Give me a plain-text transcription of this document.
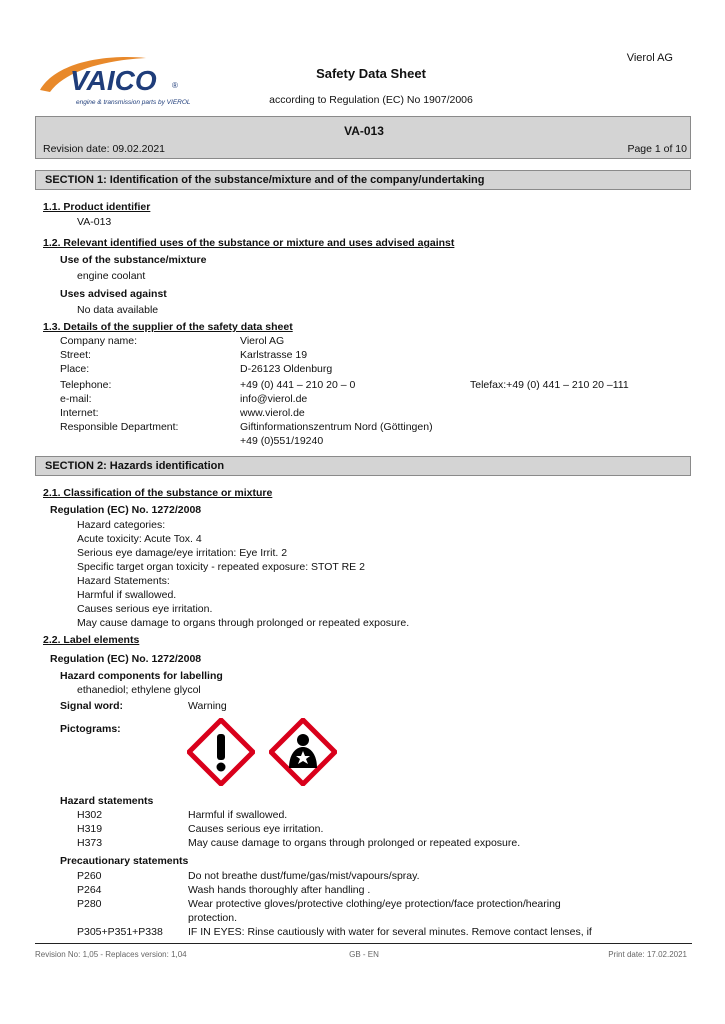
VAICO ®
engine & transmission parts by VIEROL
Vierol AG
Safety Data Sheet
according to Regulation (EC) No 1907/2006
VA-013
Revision date: 09.02.2021	Page 1 of 10
SECTION 1: Identification of the substance/mixture and of the company/undertaking
1.1. Product identifier
VA-013
1.2. Relevant identified uses of the substance or mixture and uses advised against
Use of the substance/mixture
engine coolant
Uses advised against
No data available
1.3. Details of the supplier of the safety data sheet
Company name:	Vierol AG
Street:	Karlstrasse 19
Place:	D-26123 Oldenburg
Telephone:	+49 (0) 441 – 210 20 – 0	Telefax:+49 (0) 441 – 210 20 –111
e-mail:	info@vierol.de
Internet:	www.vierol.de
Responsible Department:	Giftinformationszentrum Nord (Göttingen)
+49 (0)551/19240
SECTION 2: Hazards identification
2.1. Classification of the substance or mixture
Regulation (EC) No. 1272/2008
Hazard categories:
Acute toxicity: Acute Tox. 4
Serious eye damage/eye irritation: Eye Irrit. 2
Specific target organ toxicity - repeated exposure: STOT RE 2
Hazard Statements:
Harmful if swallowed.
Causes serious eye irritation.
May cause damage to organs through prolonged or repeated exposure.
2.2. Label elements
Regulation (EC) No. 1272/2008
Hazard components for labelling
ethanediol; ethylene glycol
Signal word:	Warning
Pictograms:
Hazard statements
H302	Harmful if swallowed.
H319	Causes serious eye irritation.
H373	May cause damage to organs through prolonged or repeated exposure.
Precautionary statements
P260	Do not breathe dust/fume/gas/mist/vapours/spray.
P264	Wash hands thoroughly after handling .
P280	Wear protective gloves/protective clothing/eye protection/face protection/hearing
protection.
P305+P351+P338 IF IN EYES: Rinse cautiously with water for several minutes. Remove contact lenses, if
Revision No: 1,05 - Replaces version: 1,04	GB - EN	Print date: 17.02.2021
